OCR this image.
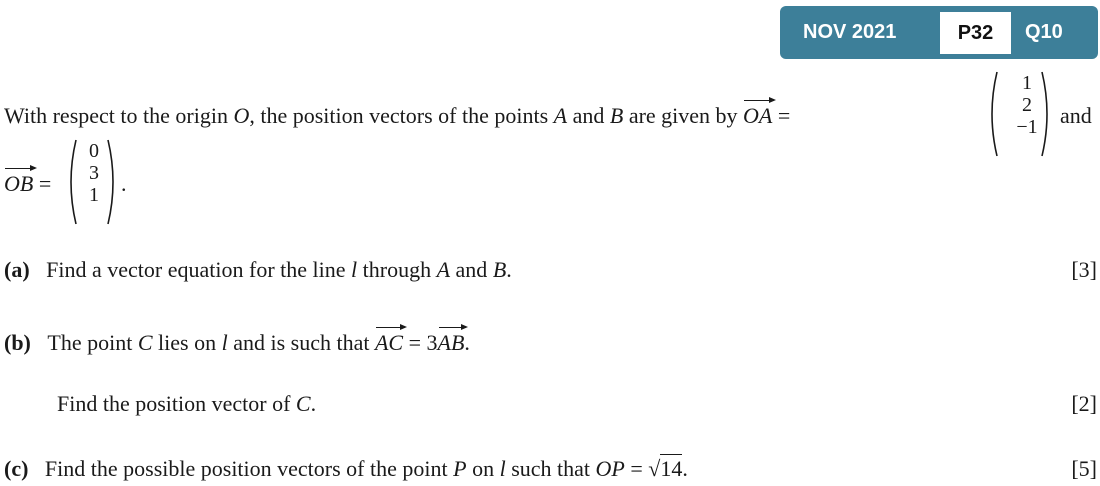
NOV 2021	P32	Q10
With respect to the origin O, the position vectors of the points A and B are given by OA =
1
2
−1 and
OB =
0
3
1 .
(a) Find a vector equation for the line l through A and B.	[3]
(b) The point C lies on l and is such that AC = 3AB.
Find the position vector of C.	[2]
(c) Find the possible position vectors of the point P on l such that OP = √14.	[5]
